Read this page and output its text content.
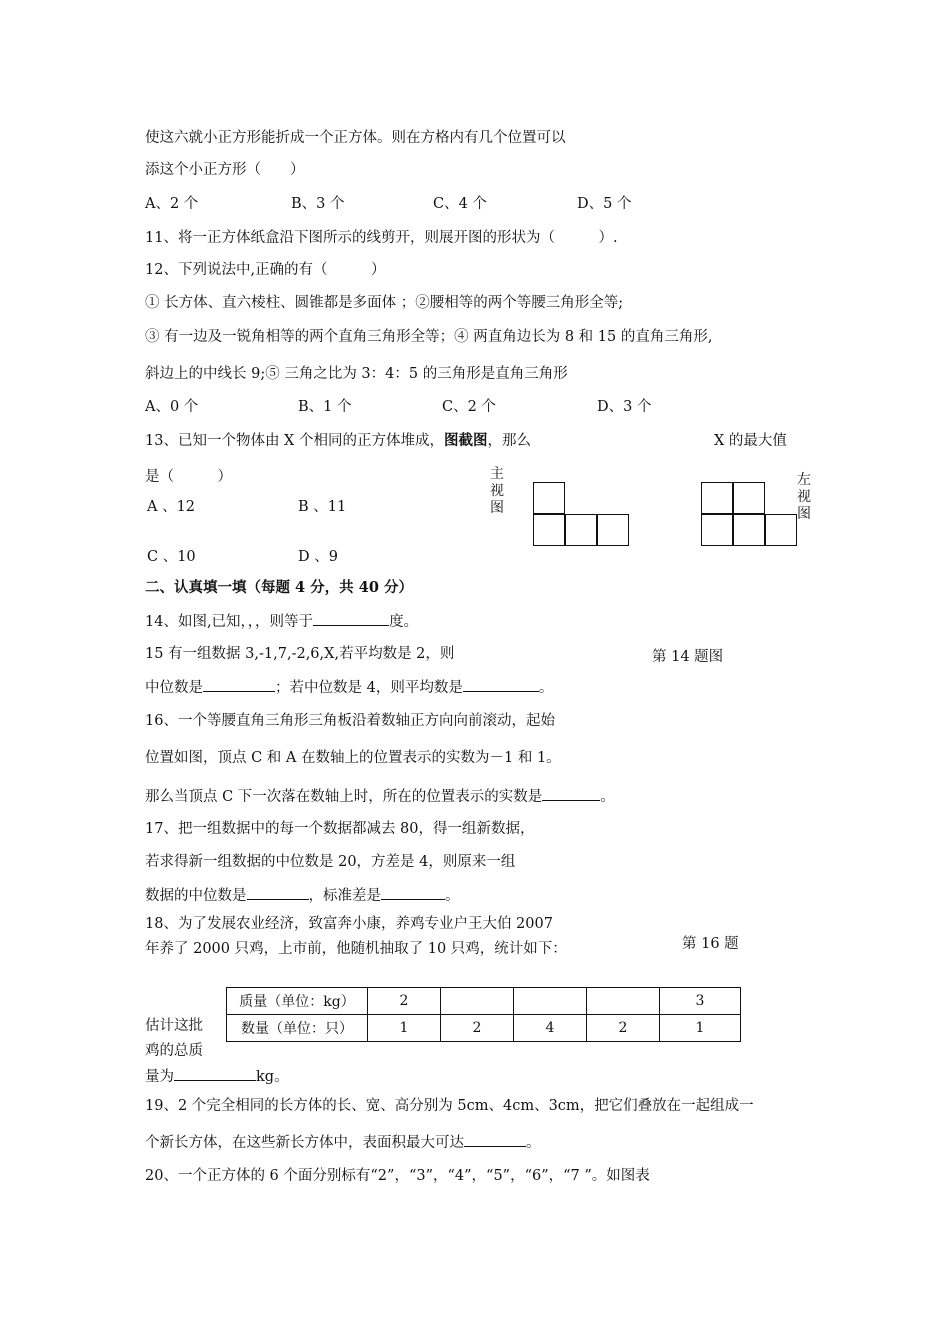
使这六就小正方形能折成一个正方体。则在方格内有几个位置可以
添这个小正方形（　　）
A、2 个	B、3 个	C、4 个	D、5 个
11、将一正方体纸盒沿下图所示的线剪开，则展开图的形状为（　　　）.
12、下列说法中,正确的有（　　　）
① 长方体、直六棱柱、圆锥都是多面体 ；②腰相等的两个等腰三角形全等;
③ 有一边及一锐角相等的两个直角三角形全等；④ 两直角边长为 8 和 15 的直角三角形,
斜边上的中线长 9;⑤ 三角之比为 3：4：5 的三角形是直角三角形
A、0 个	B、1 个	C、2 个	D、3 个
13、已知一个物体由 X 个相同的正方体堆成，图截图，那么	X 的最大值
是（　　　）
A 、12	B 、11
C 、10	D 、9
主视图
左视图
二、认真填一填（每题 4 分，共 40 分）
14、如图,已知，，，则等于	度。
15 有一组数据 3,-1,7,-2,6,X,若平均数是 2，则	第 14 题图
中位数是	；若中位数是 4，则平均数是	。
16、一个等腰直角三角形三角板沿着数轴正方向向前滚动，起始
位置如图，顶点 C 和 A 在数轴上的位置表示的实数为－1 和 1。
那么当顶点 C 下一次落在数轴上时，所在的位置表示的实数是	。
17、把一组数据中的每一个数据都减去 80，得一组新数据，
若求得新一组数据的中位数是 20，方差是 4，则原来一组
数据的中位数是	，标准差是	。
18、为了发展农业经济，致富奔小康，养鸡专业户王大伯 2007
年养了 2000 只鸡，上市前，他随机抽取了 10 只鸡，统计如下：	第 16 题
质量（单位：kg）	2				3
数量（单位：只）	1	2	4	2	1
估计这批
鸡的总质
量为	kg。
19、2 个完全相同的长方体的长、宽、高分别为 5cm、4cm、3cm，把它们叠放在一起组成一
个新长方体，在这些新长方体中，表面积最大可达	。
20、一个正方体的 6 个面分别标有“2”，“3”，“4”，“5”，“6”，“7 ”。如图表
